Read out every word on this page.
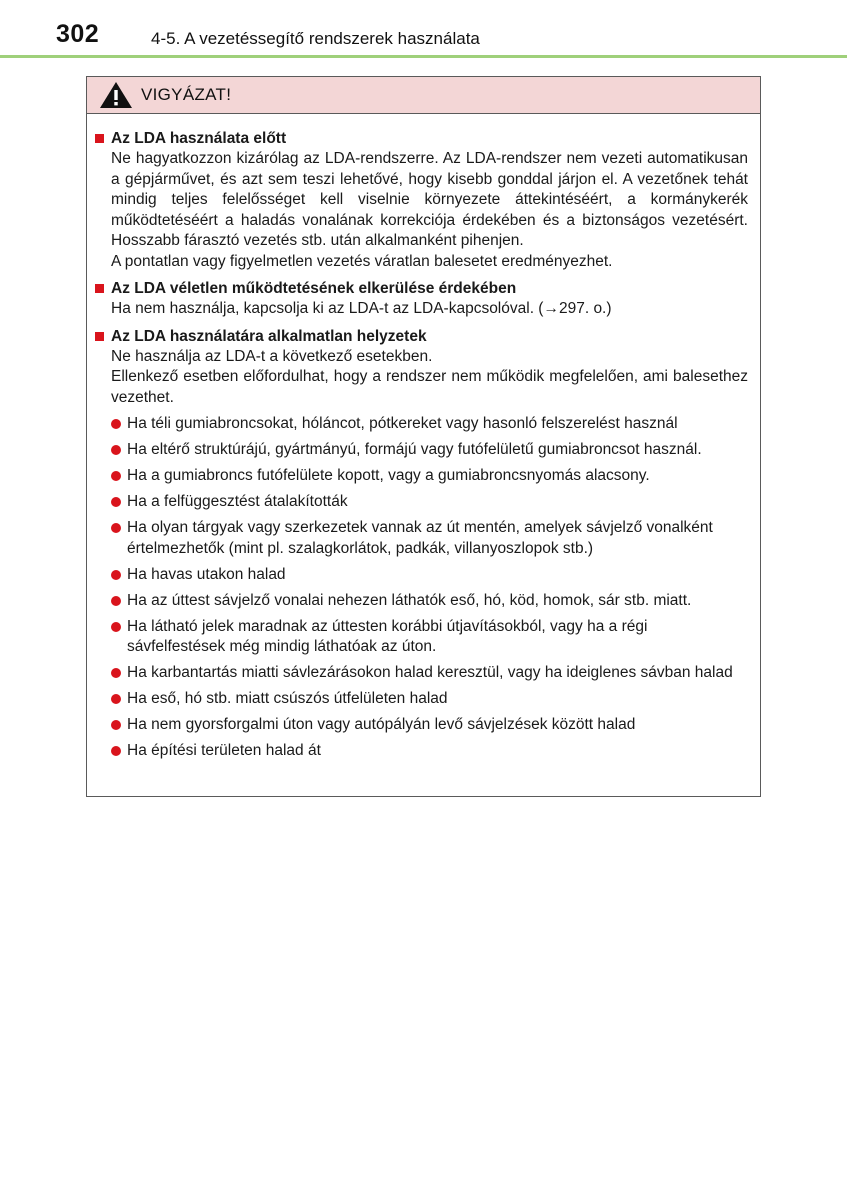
302	4-5. A vezetéssegítő rendszerek használata
VIGYÁZAT!
Az LDA használata előtt

Ne hagyatkozzon kizárólag az LDA-rendszerre. Az LDA-rendszer nem vezeti automatikusan a gépjárművet, és azt sem teszi lehetővé, hogy kisebb gonddal járjon el. A vezetőnek tehát mindig teljes felelősséget kell viselnie környezete áttekintéséért, a kormánykerék működtetéséért a haladás vonalának korrekciója érdekében és a biztonságos vezetésért. Hosszabb fárasztó vezetés stb. után alkalmanként pihenjen.

A pontatlan vagy figyelmetlen vezetés váratlan balesetet eredményezhet.

Az LDA véletlen működtetésének elkerülése érdekében

Ha nem használja, kapcsolja ki az LDA-t az LDA-kapcsolóval. (→297. o.)

Az LDA használatára alkalmatlan helyzetek

Ne használja az LDA-t a következő esetekben.

Ellenkező esetben előfordulhat, hogy a rendszer nem működik megfelelően, ami balesethez vezethet.

Ha téli gumiabroncsokat, hóláncot, pótkereket vagy hasonló felszerelést használ
Ha eltérő struktúrájú, gyártmányú, formájú vagy futófelületű gumiabroncsot használ.
Ha a gumiabroncs futófelülete kopott, vagy a gumiabroncsnyomás alacsony.
Ha a felfüggesztést átalakították
Ha olyan tárgyak vagy szerkezetek vannak az út mentén, amelyek sávjelző vonalként értelmezhetők (mint pl. szalagkorlátok, padkák, villanyoszlopok stb.)
Ha havas utakon halad
Ha az úttest sávjelző vonalai nehezen láthatók eső, hó, köd, homok, sár stb. miatt.
Ha látható jelek maradnak az úttesten korábbi útjavításokból, vagy ha a régi sávfelfestések még mindig láthatóak az úton.
Ha karbantartás miatti sávlezárásokon halad keresztül, vagy ha ideiglenes sávban halad
Ha eső, hó stb. miatt csúszós útfelületen halad
Ha nem gyorsforgalmi úton vagy autópályán levő sávjelzések között halad
Ha építési területen halad át
